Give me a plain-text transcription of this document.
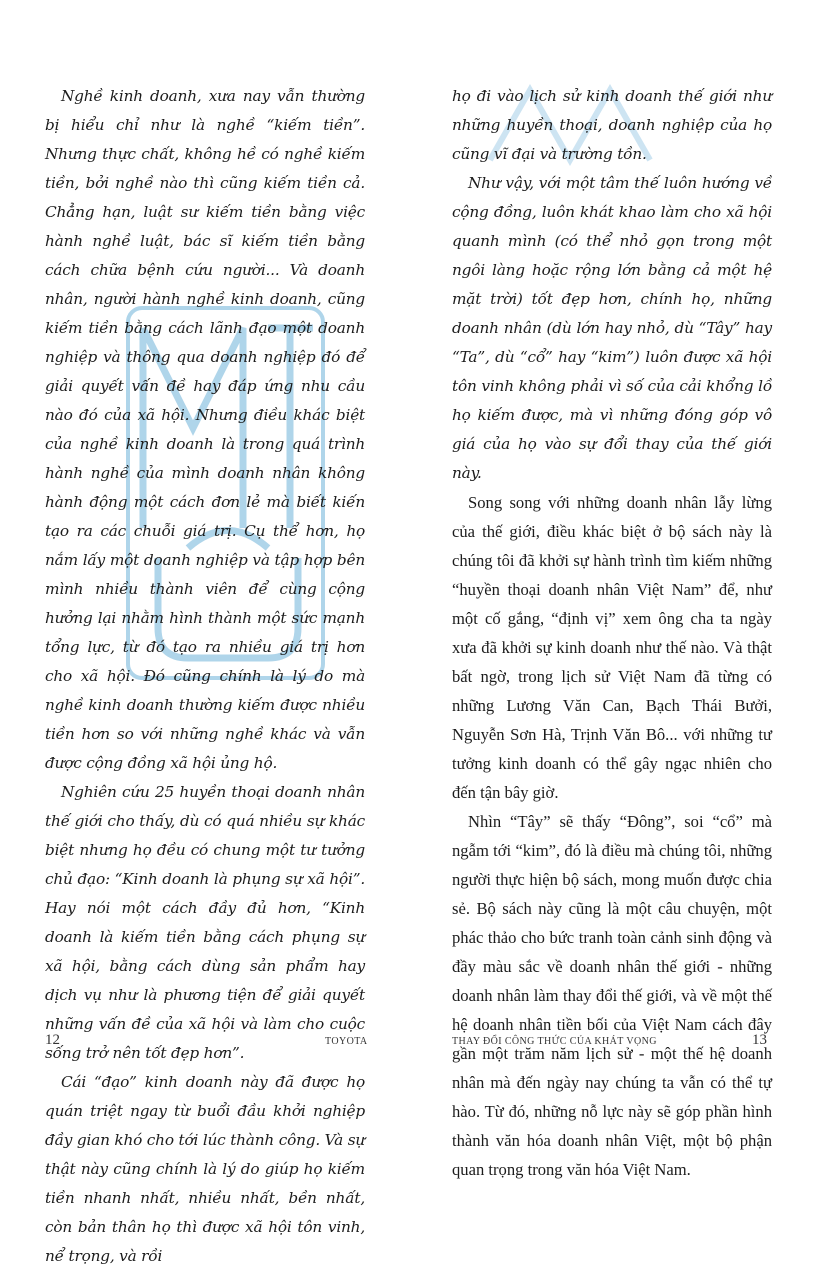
Nghề kinh doanh, xưa nay vẫn thường bị hiểu chỉ như là nghề “kiếm tiền”. Nhưng thực chất, không hề có nghề kiếm tiền, bởi nghề nào thì cũng kiếm tiền cả. Chẳng hạn, luật sư kiếm tiền bằng việc hành nghề luật, bác sĩ kiếm tiền bằng cách chữa bệnh cứu người... Và doanh nhân, người hành nghề kinh doanh, cũng kiếm tiền bằng cách lãnh đạo một doanh nghiệp và thông qua doanh nghiệp đó để giải quyết vấn đề hay đáp ứng nhu cầu nào đó của xã hội. Nhưng điều khác biệt của nghề kinh doanh là trong quá trình hành nghề của mình doanh nhân không hành động một cách đơn lẻ mà biết kiến tạo ra các chuỗi giá trị. Cụ thể hơn, họ nắm lấy một doanh nghiệp và tập hợp bên mình nhiều thành viên để cùng cộng hưởng lại nhằm hình thành một sức mạnh tổng lực, từ đó tạo ra nhiều giá trị hơn cho xã hội. Đó cũng chính là lý do mà nghề kinh doanh thường kiếm được nhiều tiền hơn so với những nghề khác và vẫn được cộng đồng xã hội ủng hộ.

Nghiên cứu 25 huyền thoại doanh nhân thế giới cho thấy, dù có quá nhiều sự khác biệt nhưng họ đều có chung một tư tưởng chủ đạo: “Kinh doanh là phụng sự xã hội”. Hay nói một cách đầy đủ hơn, “Kinh doanh là kiếm tiền bằng cách phụng sự xã hội, bằng cách dùng sản phẩm hay dịch vụ như là phương tiện để giải quyết những vấn đề của xã hội và làm cho cuộc sống trở nên tốt đẹp hơn”.

Cái “đạo” kinh doanh này đã được họ quán triệt ngay từ buổi đầu khởi nghiệp đầy gian khó cho tới lúc thành công. Và sự thật này cũng chính là lý do giúp họ kiếm tiền nhanh nhất, nhiều nhất, bền nhất, còn bản thân họ thì được xã hội tôn vinh, nể trọng, và rồi

họ đi vào lịch sử kinh doanh thế giới như những huyền thoại, doanh nghiệp của họ cũng vĩ đại và trường tồn.

Như vậy, với một tâm thế luôn hướng về cộng đồng, luôn khát khao làm cho xã hội quanh mình (có thể nhỏ gọn trong một ngôi làng hoặc rộng lớn bằng cả một hệ mặt trời) tốt đẹp hơn, chính họ, những doanh nhân (dù lớn hay nhỏ, dù “Tây” hay “Ta”, dù “cổ” hay “kim”) luôn được xã hội tôn vinh không phải vì số của cải khổng lồ họ kiếm được, mà vì những đóng góp vô giá của họ vào sự đổi thay của thế giới này.

Song song với những doanh nhân lẫy lừng của thế giới, điều khác biệt ở bộ sách này là chúng tôi đã khởi sự hành trình tìm kiếm những “huyền thoại doanh nhân Việt Nam” để, như một cố gắng, “định vị” xem ông cha ta ngày xưa đã khởi sự kinh doanh như thế nào. Và thật bất ngờ, trong lịch sử Việt Nam đã từng có những Lương Văn Can, Bạch Thái Bưởi, Nguyễn Sơn Hà, Trịnh Văn Bô... với những tư tưởng kinh doanh có thể gây ngạc nhiên cho đến tận bây giờ.

Nhìn “Tây” sẽ thấy “Đông”, soi “cổ” mà ngẫm tới “kim”, đó là điều mà chúng tôi, những người thực hiện bộ sách, mong muốn được chia sẻ. Bộ sách này cũng là một câu chuyện, một phác thảo cho bức tranh toàn cảnh sinh động và đầy màu sắc về doanh nhân thế giới - những doanh nhân làm thay đổi thế giới, và về một thế hệ doanh nhân tiền bối của Việt Nam cách đây gần một trăm năm lịch sử - một thế hệ doanh nhân mà đến ngày nay chúng ta vẫn có thể tự hào. Từ đó, những nỗ lực này sẽ góp phần hình thành văn hóa doanh nhân Việt, một bộ phận quan trọng trong văn hóa Việt Nam.

12	TOYOTA	THAY ĐỔI CÔNG THỨC CỦA KHÁT VỌNG	13
